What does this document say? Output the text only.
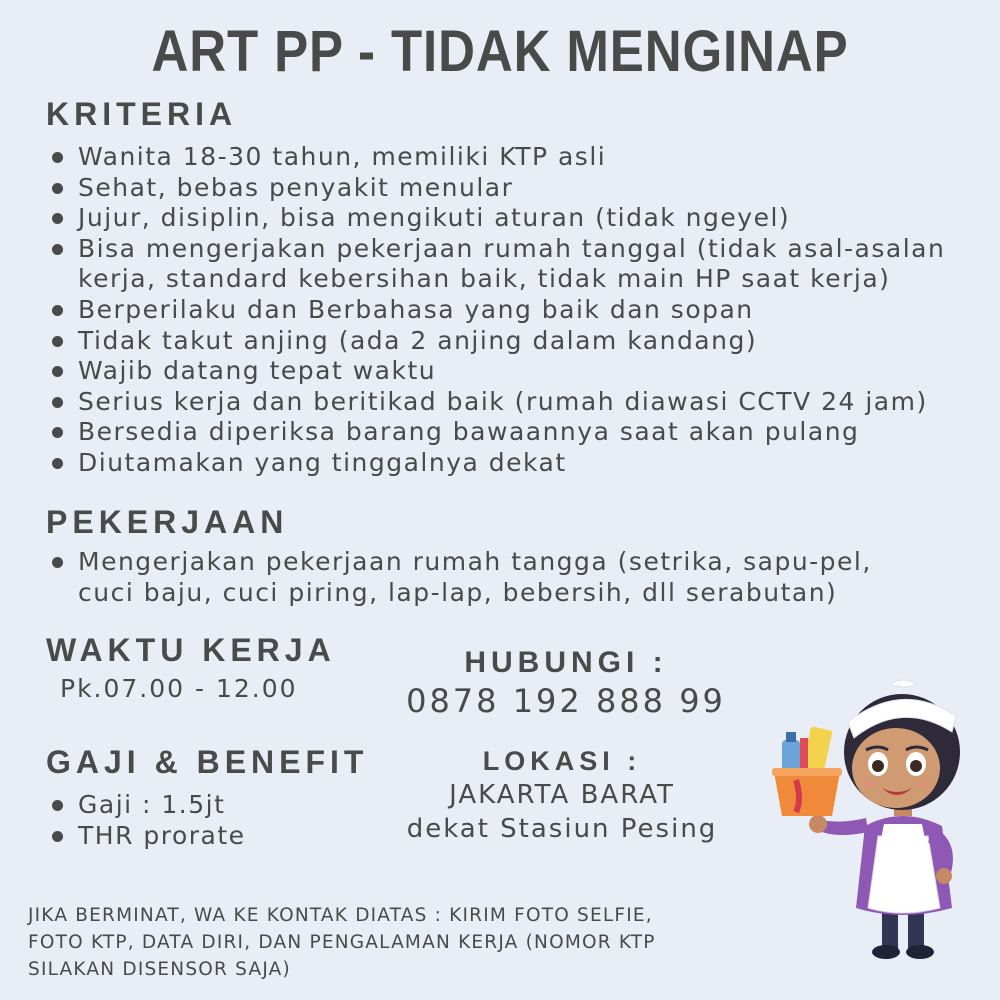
ART PP - TIDAK MENGINAP
KRITERIA
Wanita 18-30 tahun, memiliki KTP asli
Sehat, bebas penyakit menular
Jujur, disiplin, bisa mengikuti aturan (tidak ngeyel)
Bisa mengerjakan pekerjaan rumah tanggal (tidak asal-asalan
kerja, standard kebersihan baik, tidak main HP saat kerja)
Berperilaku dan Berbahasa yang baik dan sopan
Tidak takut anjing (ada 2 anjing dalam kandang)
Wajib datang tepat waktu
Serius kerja dan beritikad baik (rumah diawasi CCTV 24 jam)
Bersedia diperiksa barang bawaannya saat akan pulang
Diutamakan yang tinggalnya dekat
PEKERJAAN
Mengerjakan pekerjaan rumah tangga (setrika, sapu-pel,
cuci baju, cuci piring, lap-lap, bebersih, dll serabutan)
WAKTU KERJA
Pk.07.00 - 12.00
GAJI & BENEFIT
Gaji : 1.5jt
THR prorate
HUBUNGI :
0878 192 888 99
LOKASI :
JAKARTA BARAT
dekat Stasiun Pesing
JIKA BERMINAT, WA KE KONTAK DIATAS : KIRIM FOTO SELFIE,
FOTO KTP, DATA DIRI, DAN PENGALAMAN KERJA (NOMOR KTP
SILAKAN DISENSOR SAJA)
